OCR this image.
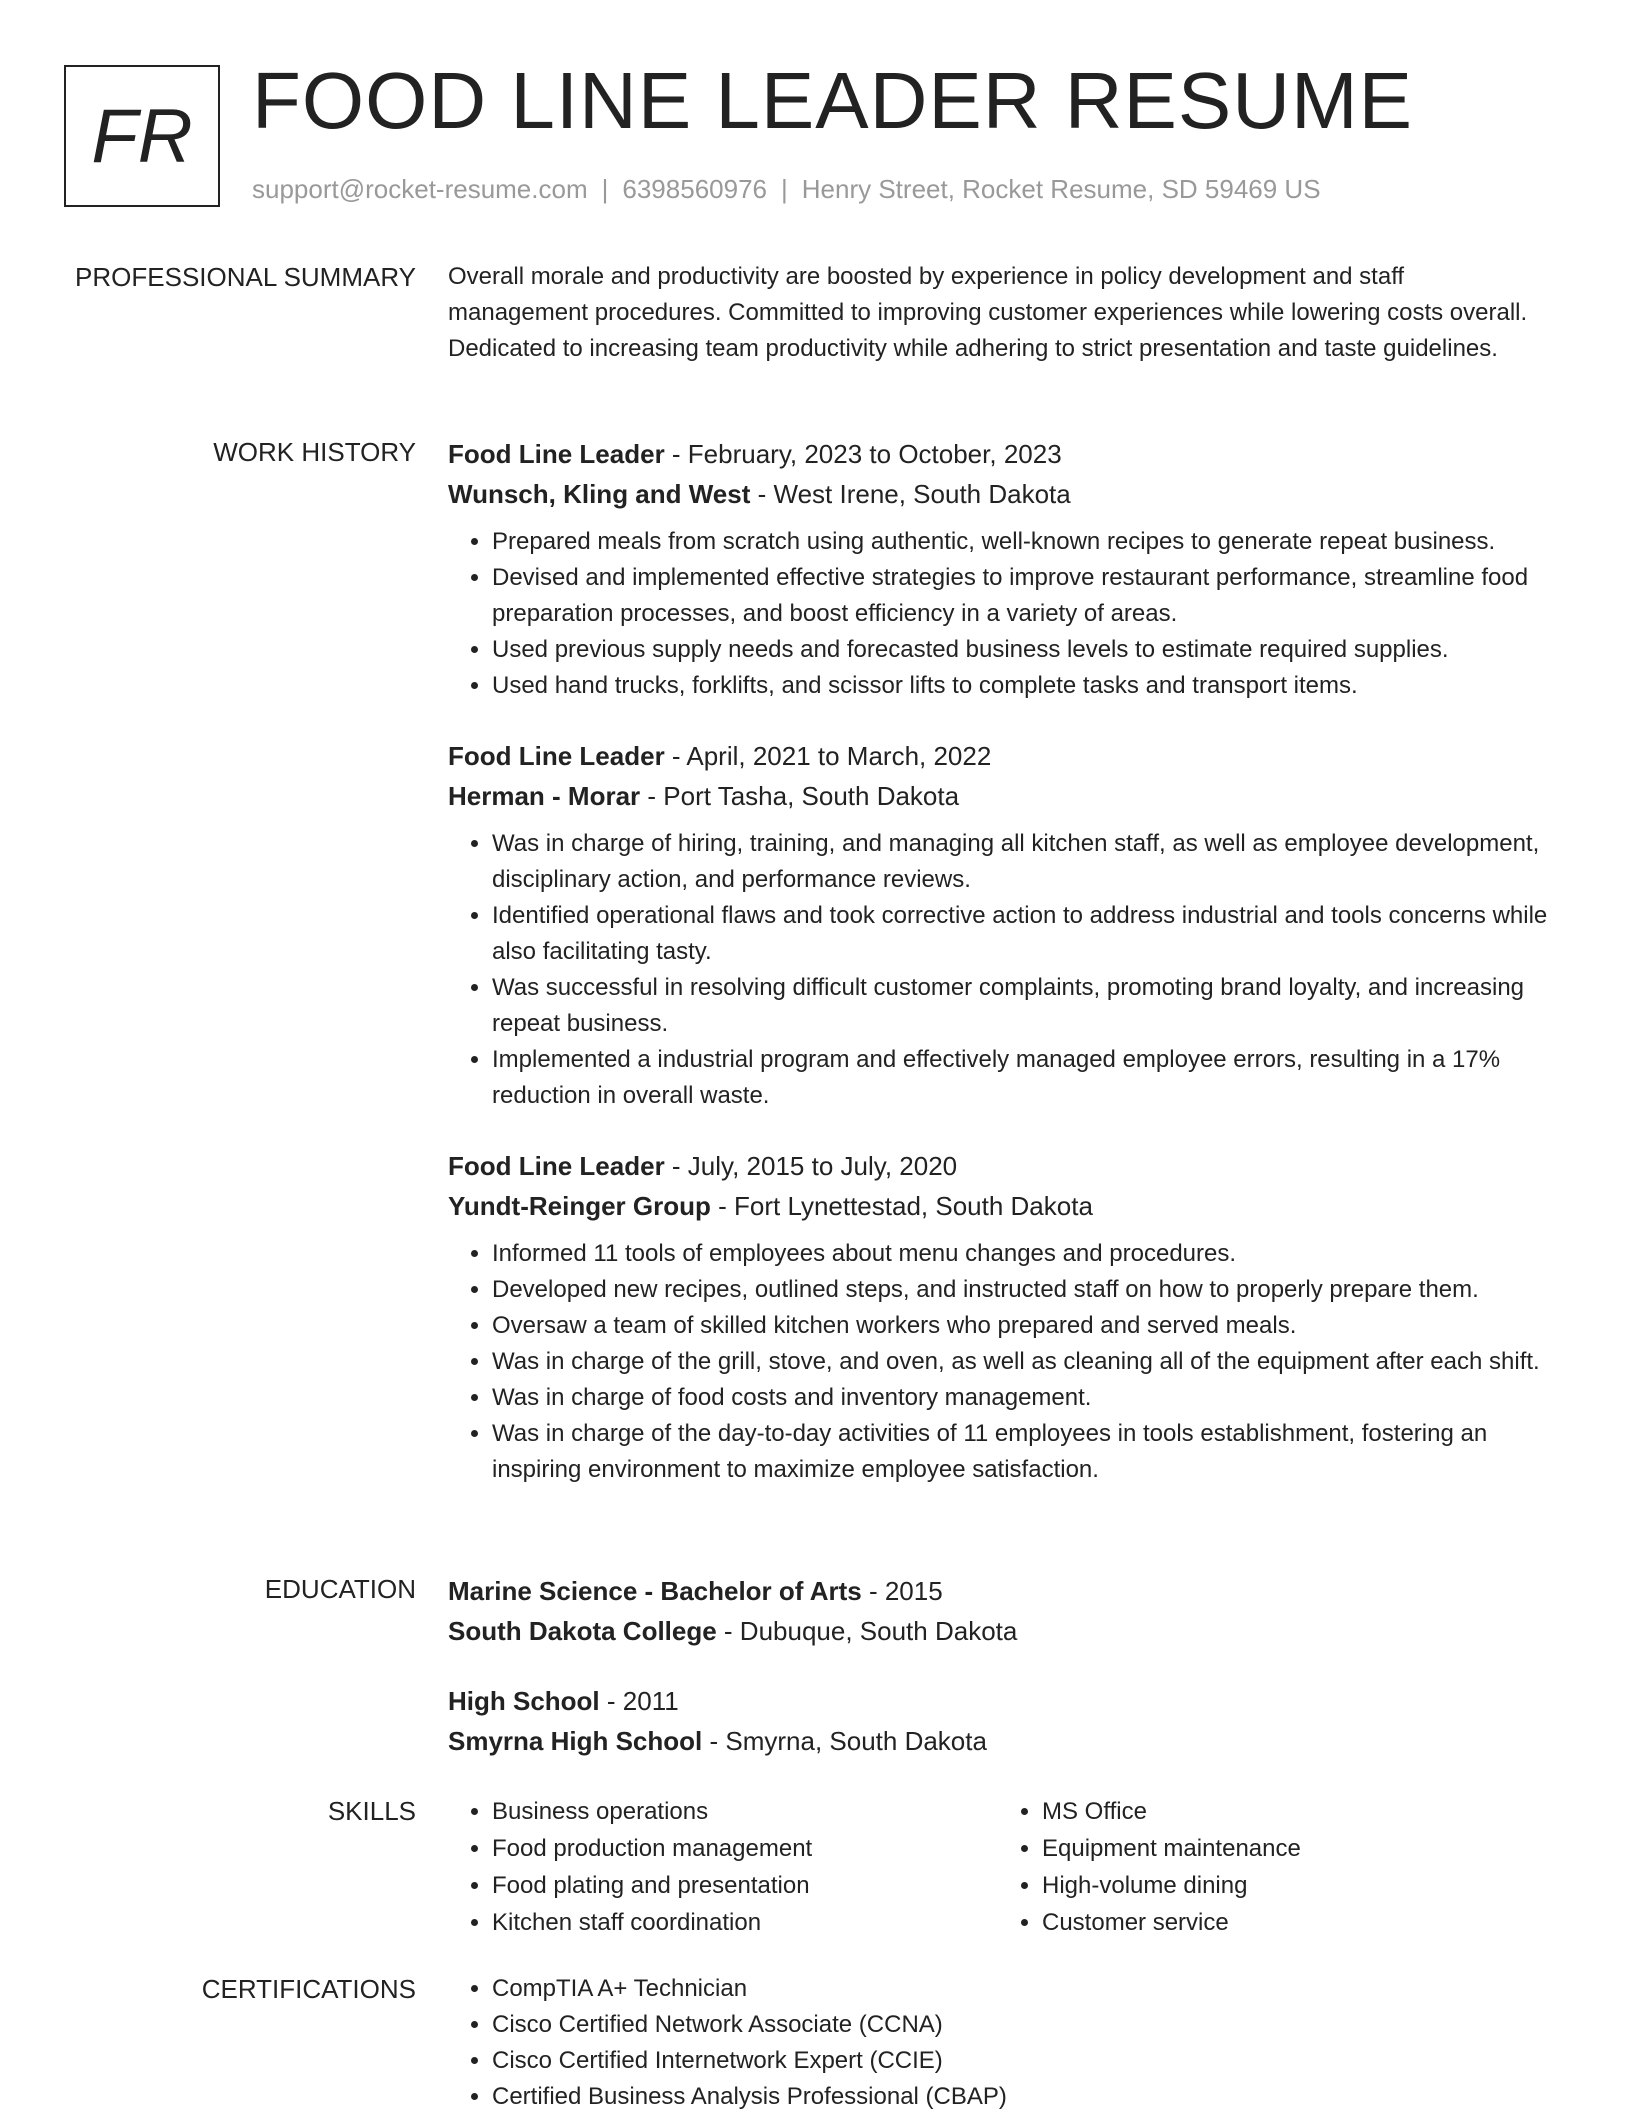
FR FOOD LINE LEADER RESUME
support@rocket-resume.com | 6398560976 | Henry Street, Rocket Resume, SD 59469 US
PROFESSIONAL SUMMARY Overall morale and productivity are boosted by experience in policy development and staff management procedures. Committed to improving customer experiences while lowering costs overall. Dedicated to increasing team productivity while adhering to strict presentation and taste guidelines.

WORK HISTORY Food Line Leader - February, 2023 to October, 2023
Wunsch, Kling and West - West Irene, South Dakota
• Prepared meals from scratch using authentic, well-known recipes to generate repeat business.
• Devised and implemented effective strategies to improve restaurant performance, streamline food preparation processes, and boost efficiency in a variety of areas.
• Used previous supply needs and forecasted business levels to estimate required supplies.
• Used hand trucks, forklifts, and scissor lifts to complete tasks and transport items.
Food Line Leader - April, 2021 to March, 2022
Herman - Morar - Port Tasha, South Dakota
• Was in charge of hiring, training, and managing all kitchen staff, as well as employee development, disciplinary action, and performance reviews.
• Identified operational flaws and took corrective action to address industrial and tools concerns while also facilitating tasty.
• Was successful in resolving difficult customer complaints, promoting brand loyalty, and increasing repeat business.
• Implemented a industrial program and effectively managed employee errors, resulting in a 17% reduction in overall waste.
Food Line Leader - July, 2015 to July, 2020
Yundt-Reinger Group - Fort Lynettestad, South Dakota
• Informed 11 tools of employees about menu changes and procedures.
• Developed new recipes, outlined steps, and instructed staff on how to properly prepare them.
• Oversaw a team of skilled kitchen workers who prepared and served meals.
• Was in charge of the grill, stove, and oven, as well as cleaning all of the equipment after each shift.
• Was in charge of food costs and inventory management.
• Was in charge of the day-to-day activities of 11 employees in tools establishment, fostering an inspiring environment to maximize employee satisfaction.
EDUCATION Marine Science - Bachelor of Arts - 2015
South Dakota College - Dubuque, South Dakota
High School - 2011
Smyrna High School - Smyrna, South Dakota
SKILLS	• Business operations
• Food production management
• Food plating and presentation
• Kitchen staff coordination
• MS Office
• Equipment maintenance
• High-volume dining
• Customer service
CERTIFICATIONS	• CompTIA A+ Technician
• Cisco Certified Network Associate (CCNA)
• Cisco Certified Internetwork Expert (CCIE)
• Certified Business Analysis Professional (CBAP)
